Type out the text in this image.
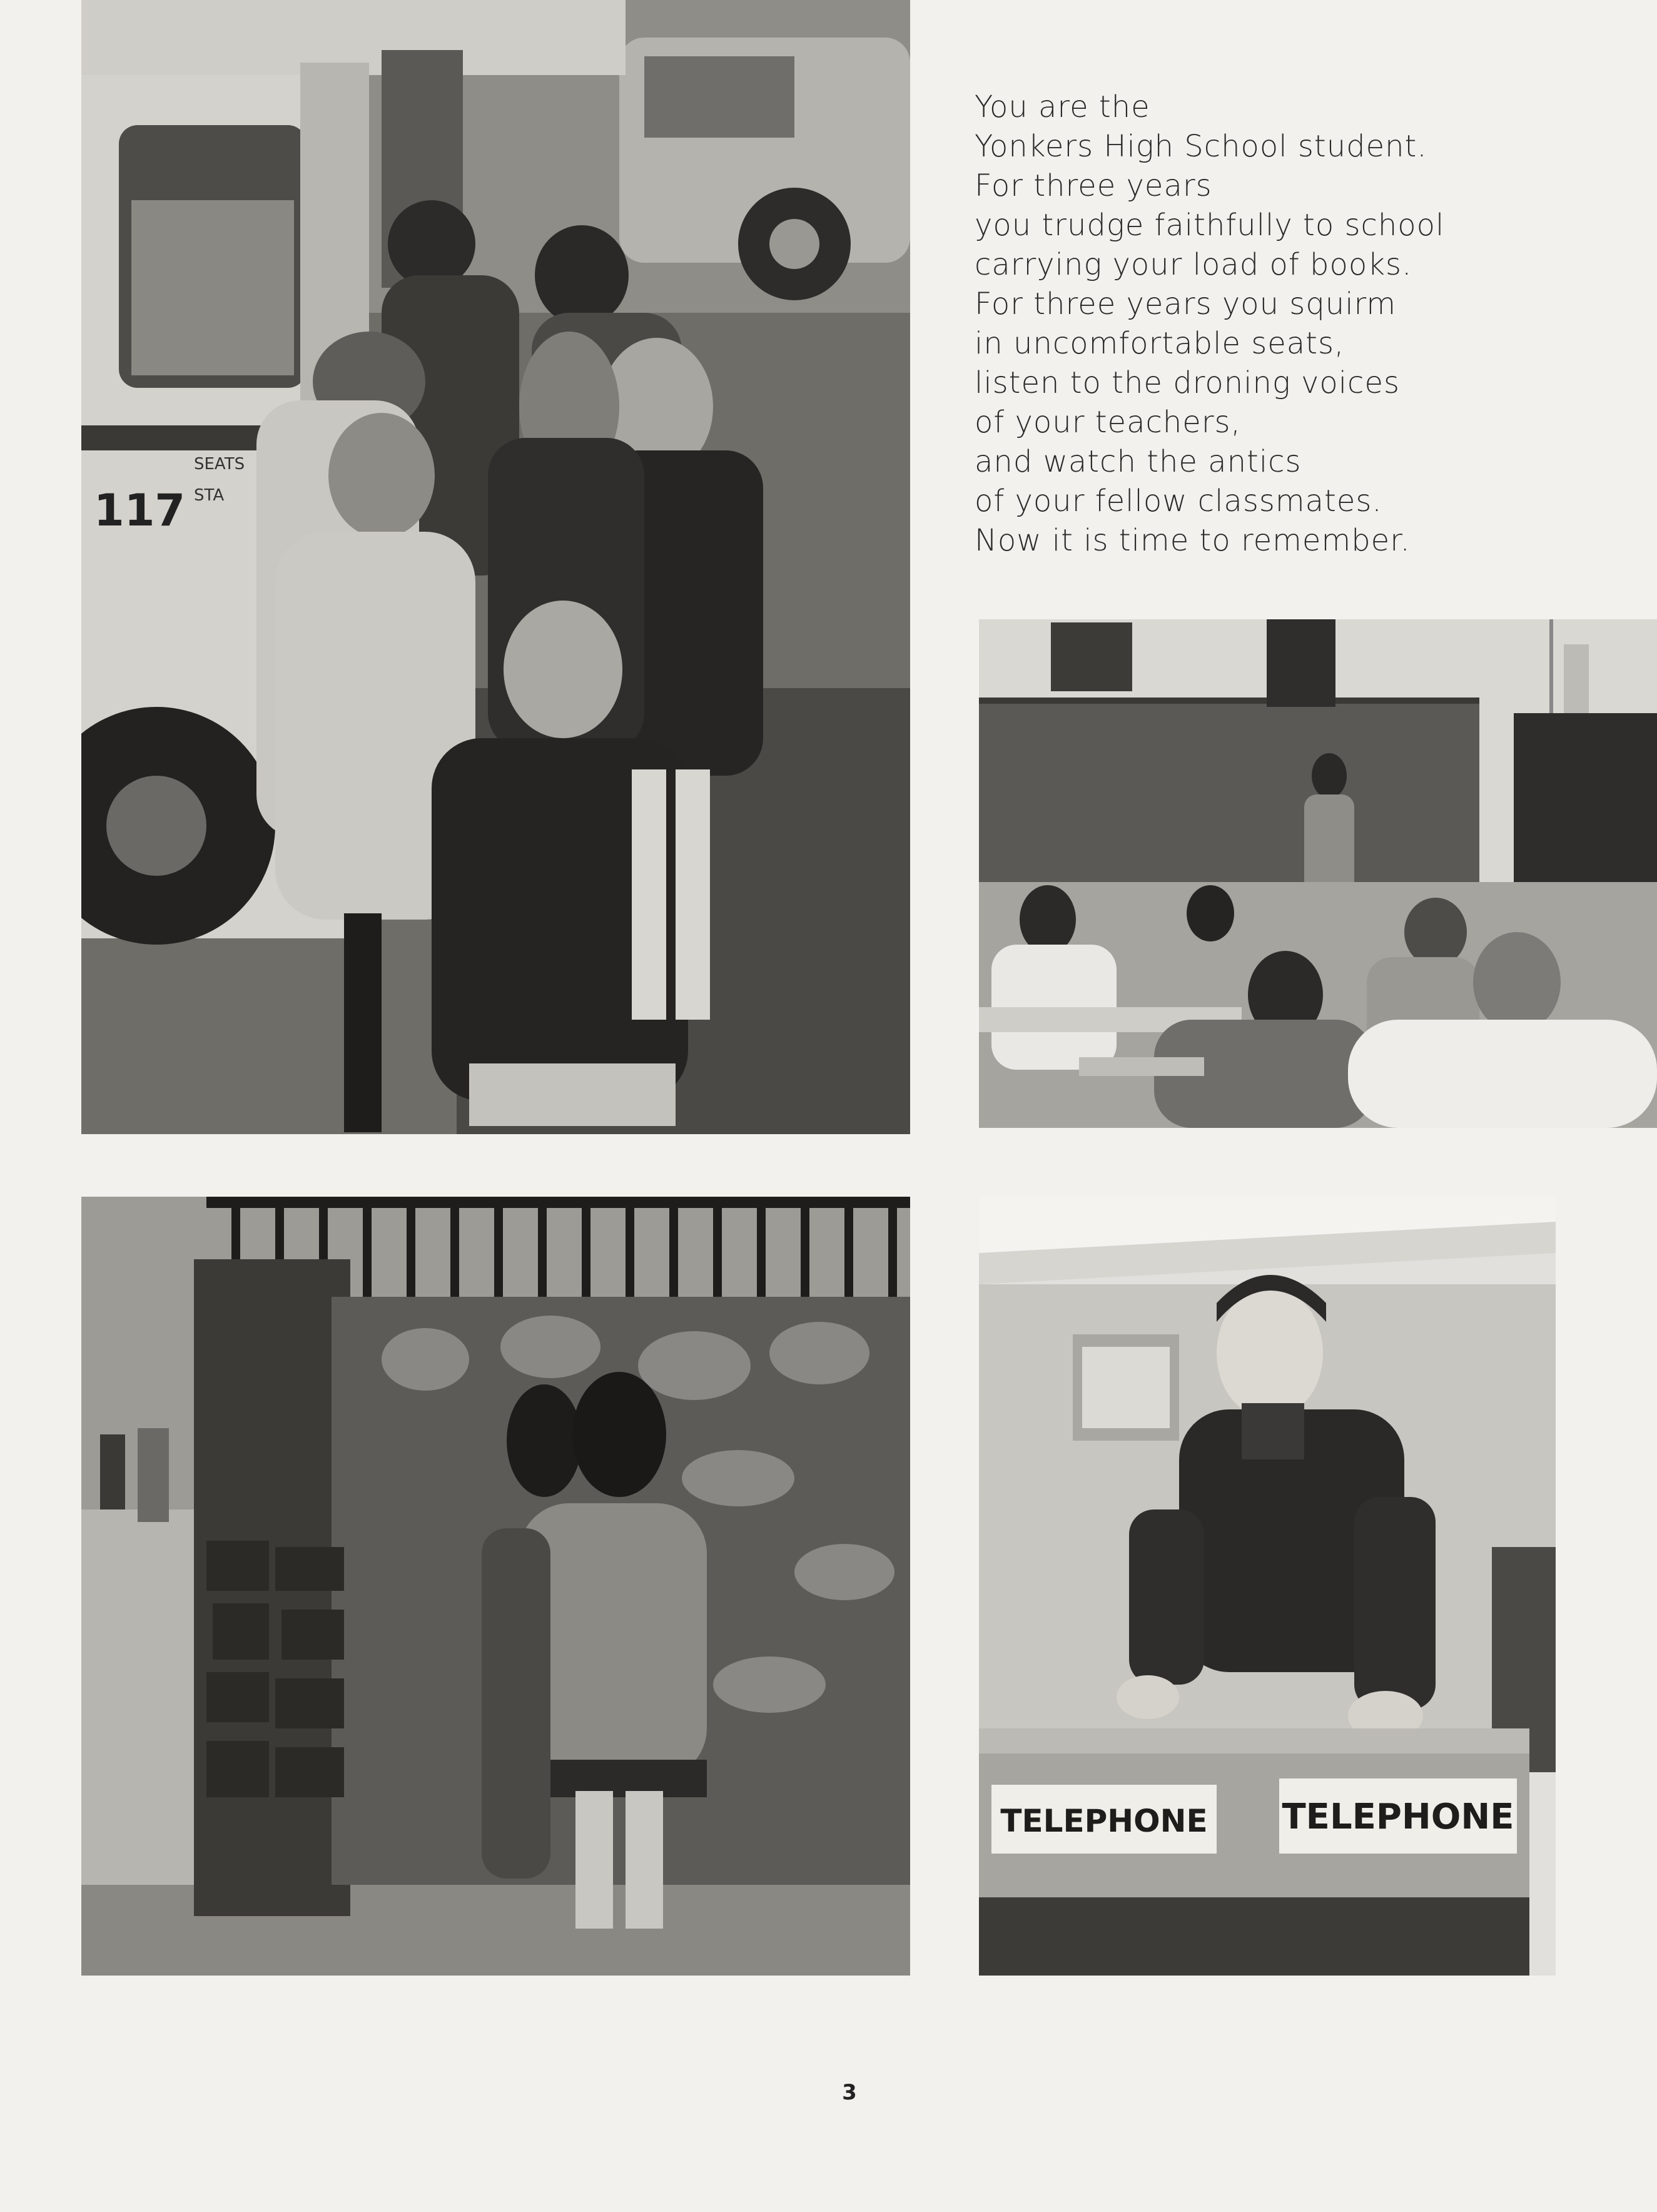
117
SEATS
STA
You are the
Yonkers High School student.
For three years
you trudge faithfully to school
carrying your load of books.
For three years you squirm
in uncomfortable seats,
listen to the droning voices
of your teachers,
and watch the antics
of your fellow classmates.
Now it is time to remember.
TELEPHONE TELEPHONE
3
